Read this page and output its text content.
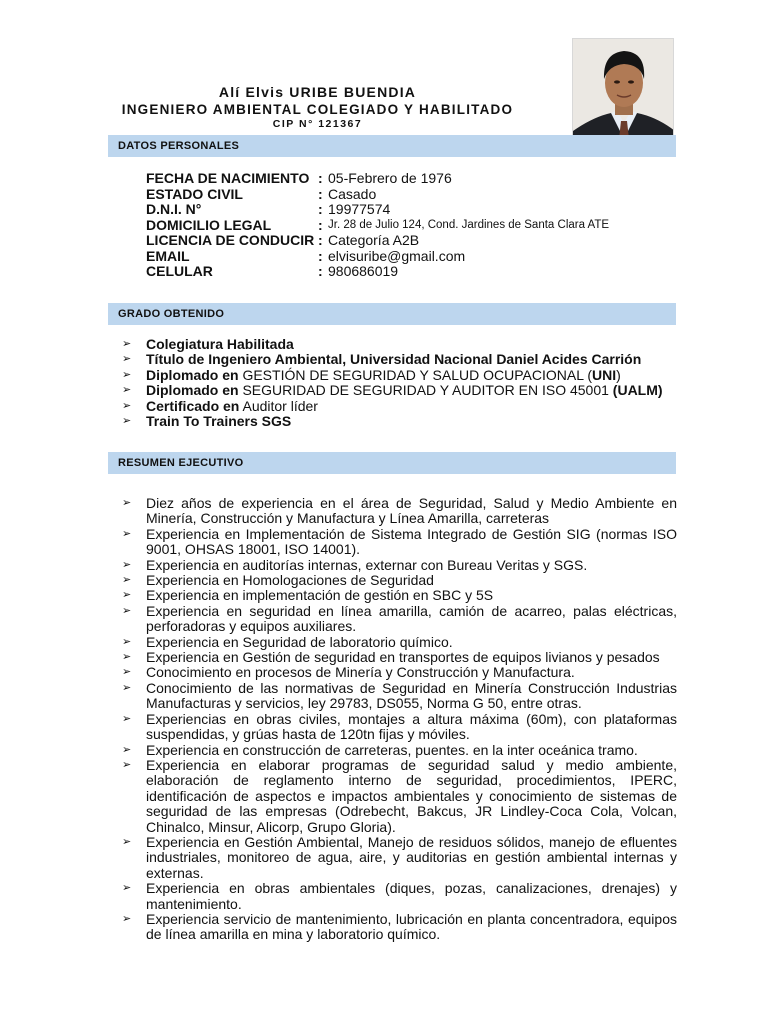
Alí Elvis URIBE BUENDIA
INGENIERO AMBIENTAL COLEGIADO Y HABILITADO
CIP N° 121367
DATOS PERSONALES
FECHA DE NACIMIENTO : 05-Febrero de 1976
ESTADO CIVIL	: Casado
D.N.I. N°	: 19977574
DOMICILIO LEGAL	: Jr. 28 de Julio 124, Cond. Jardines de Santa Clara ATE
LICENCIA DE CONDUCIR : Categoría A2B
EMAIL	: elvisuribe@gmail.com
CELULAR	: 980686019
GRADO OBTENIDO
➢	Colegiatura Habilitada
➢	Título de Ingeniero Ambiental, Universidad Nacional Daniel Acides Carrión
➢	Diplomado en GESTIÓN DE SEGURIDAD Y SALUD OCUPACIONAL (UNI)
➢	Diplomado en SEGURIDAD DE SEGURIDAD Y AUDITOR EN ISO 45001 (UALM)
➢	Certificado en Auditor líder
➢	Train To Trainers SGS
RESUMEN EJECUTIVO
➢	Diez años de experiencia en el área de Seguridad, Salud y Medio Ambiente en Minería, Construcción y Manufactura y Línea Amarilla, carreteras
➢	Experiencia en Implementación de Sistema Integrado de Gestión SIG (normas ISO 9001, OHSAS 18001, ISO 14001).
➢	Experiencia en auditorías internas, externar con Bureau Veritas y SGS.
➢	Experiencia en Homologaciones de Seguridad
➢	Experiencia en implementación de gestión en SBC y 5S
➢	Experiencia en seguridad en línea amarilla, camión de acarreo, palas eléctricas, perforadoras y equipos auxiliares.
➢	Experiencia en Seguridad de laboratorio químico.
➢	Experiencia en Gestión de seguridad en transportes de equipos livianos y pesados
➢	Conocimiento en procesos de Minería y Construcción y Manufactura.
➢	Conocimiento de las normativas de Seguridad en Minería Construcción Industrias Manufacturas y servicios, ley 29783, DS055, Norma G 50, entre otras.
➢	Experiencias en obras civiles, montajes a altura máxima (60m), con plataformas suspendidas, y grúas hasta de 120tn fijas y móviles.
➢	Experiencia en construcción de carreteras, puentes. en la inter oceánica tramo.
➢	Experiencia en elaborar programas de seguridad salud y medio ambiente, elaboración de reglamento interno de seguridad, procedimientos, IPERC, identificación de aspectos e impactos ambientales y conocimiento de sistemas de seguridad de las empresas (Odrebecht, Bakcus, JR Lindley-Coca Cola, Volcan, Chinalco, Minsur, Alicorp, Grupo Gloria).
➢	Experiencia en Gestión Ambiental, Manejo de residuos sólidos, manejo de efluentes industriales, monitoreo de agua, aire, y auditorias en gestión ambiental internas y externas.
➢	Experiencia en obras ambientales (diques, pozas, canalizaciones, drenajes) y mantenimiento.
➢	Experiencia servicio de mantenimiento, lubricación en planta concentradora, equipos de línea amarilla en mina y laboratorio químico.
